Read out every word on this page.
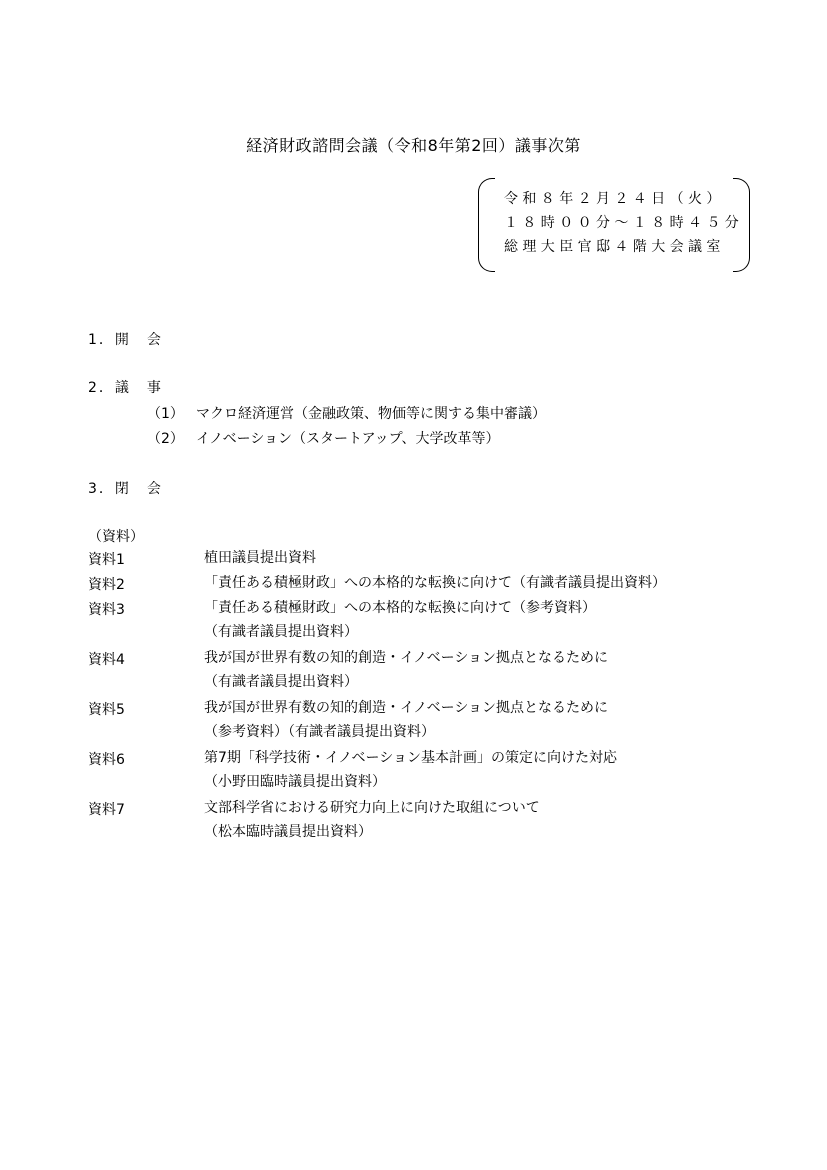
経済財政諮問会議（令和8年第2回）議事次第
令和８年２月２４日（火）
１８時００分～１８時４５分
総理大臣官邸４階大会議室
1．開　会
2．議　事
（1） マクロ経済運営（金融政策、物価等に関する集中審議）
（2） イノベーション（スタートアップ、大学改革等）
3．閉　会
（資料）
資料1	植田議員提出資料
資料2	「責任ある積極財政」への本格的な転換に向けて（有識者議員提出資料）
資料3	「責任ある積極財政」への本格的な転換に向けて（参考資料）
（有識者議員提出資料）
資料4	我が国が世界有数の知的創造・イノベーション拠点となるために
（有識者議員提出資料）
資料5	我が国が世界有数の知的創造・イノベーション拠点となるために
（参考資料）（有識者議員提出資料）
資料6	第7期「科学技術・イノベーション基本計画」の策定に向けた対応
（小野田臨時議員提出資料）
資料7	文部科学省における研究力向上に向けた取組について
（松本臨時議員提出資料）
